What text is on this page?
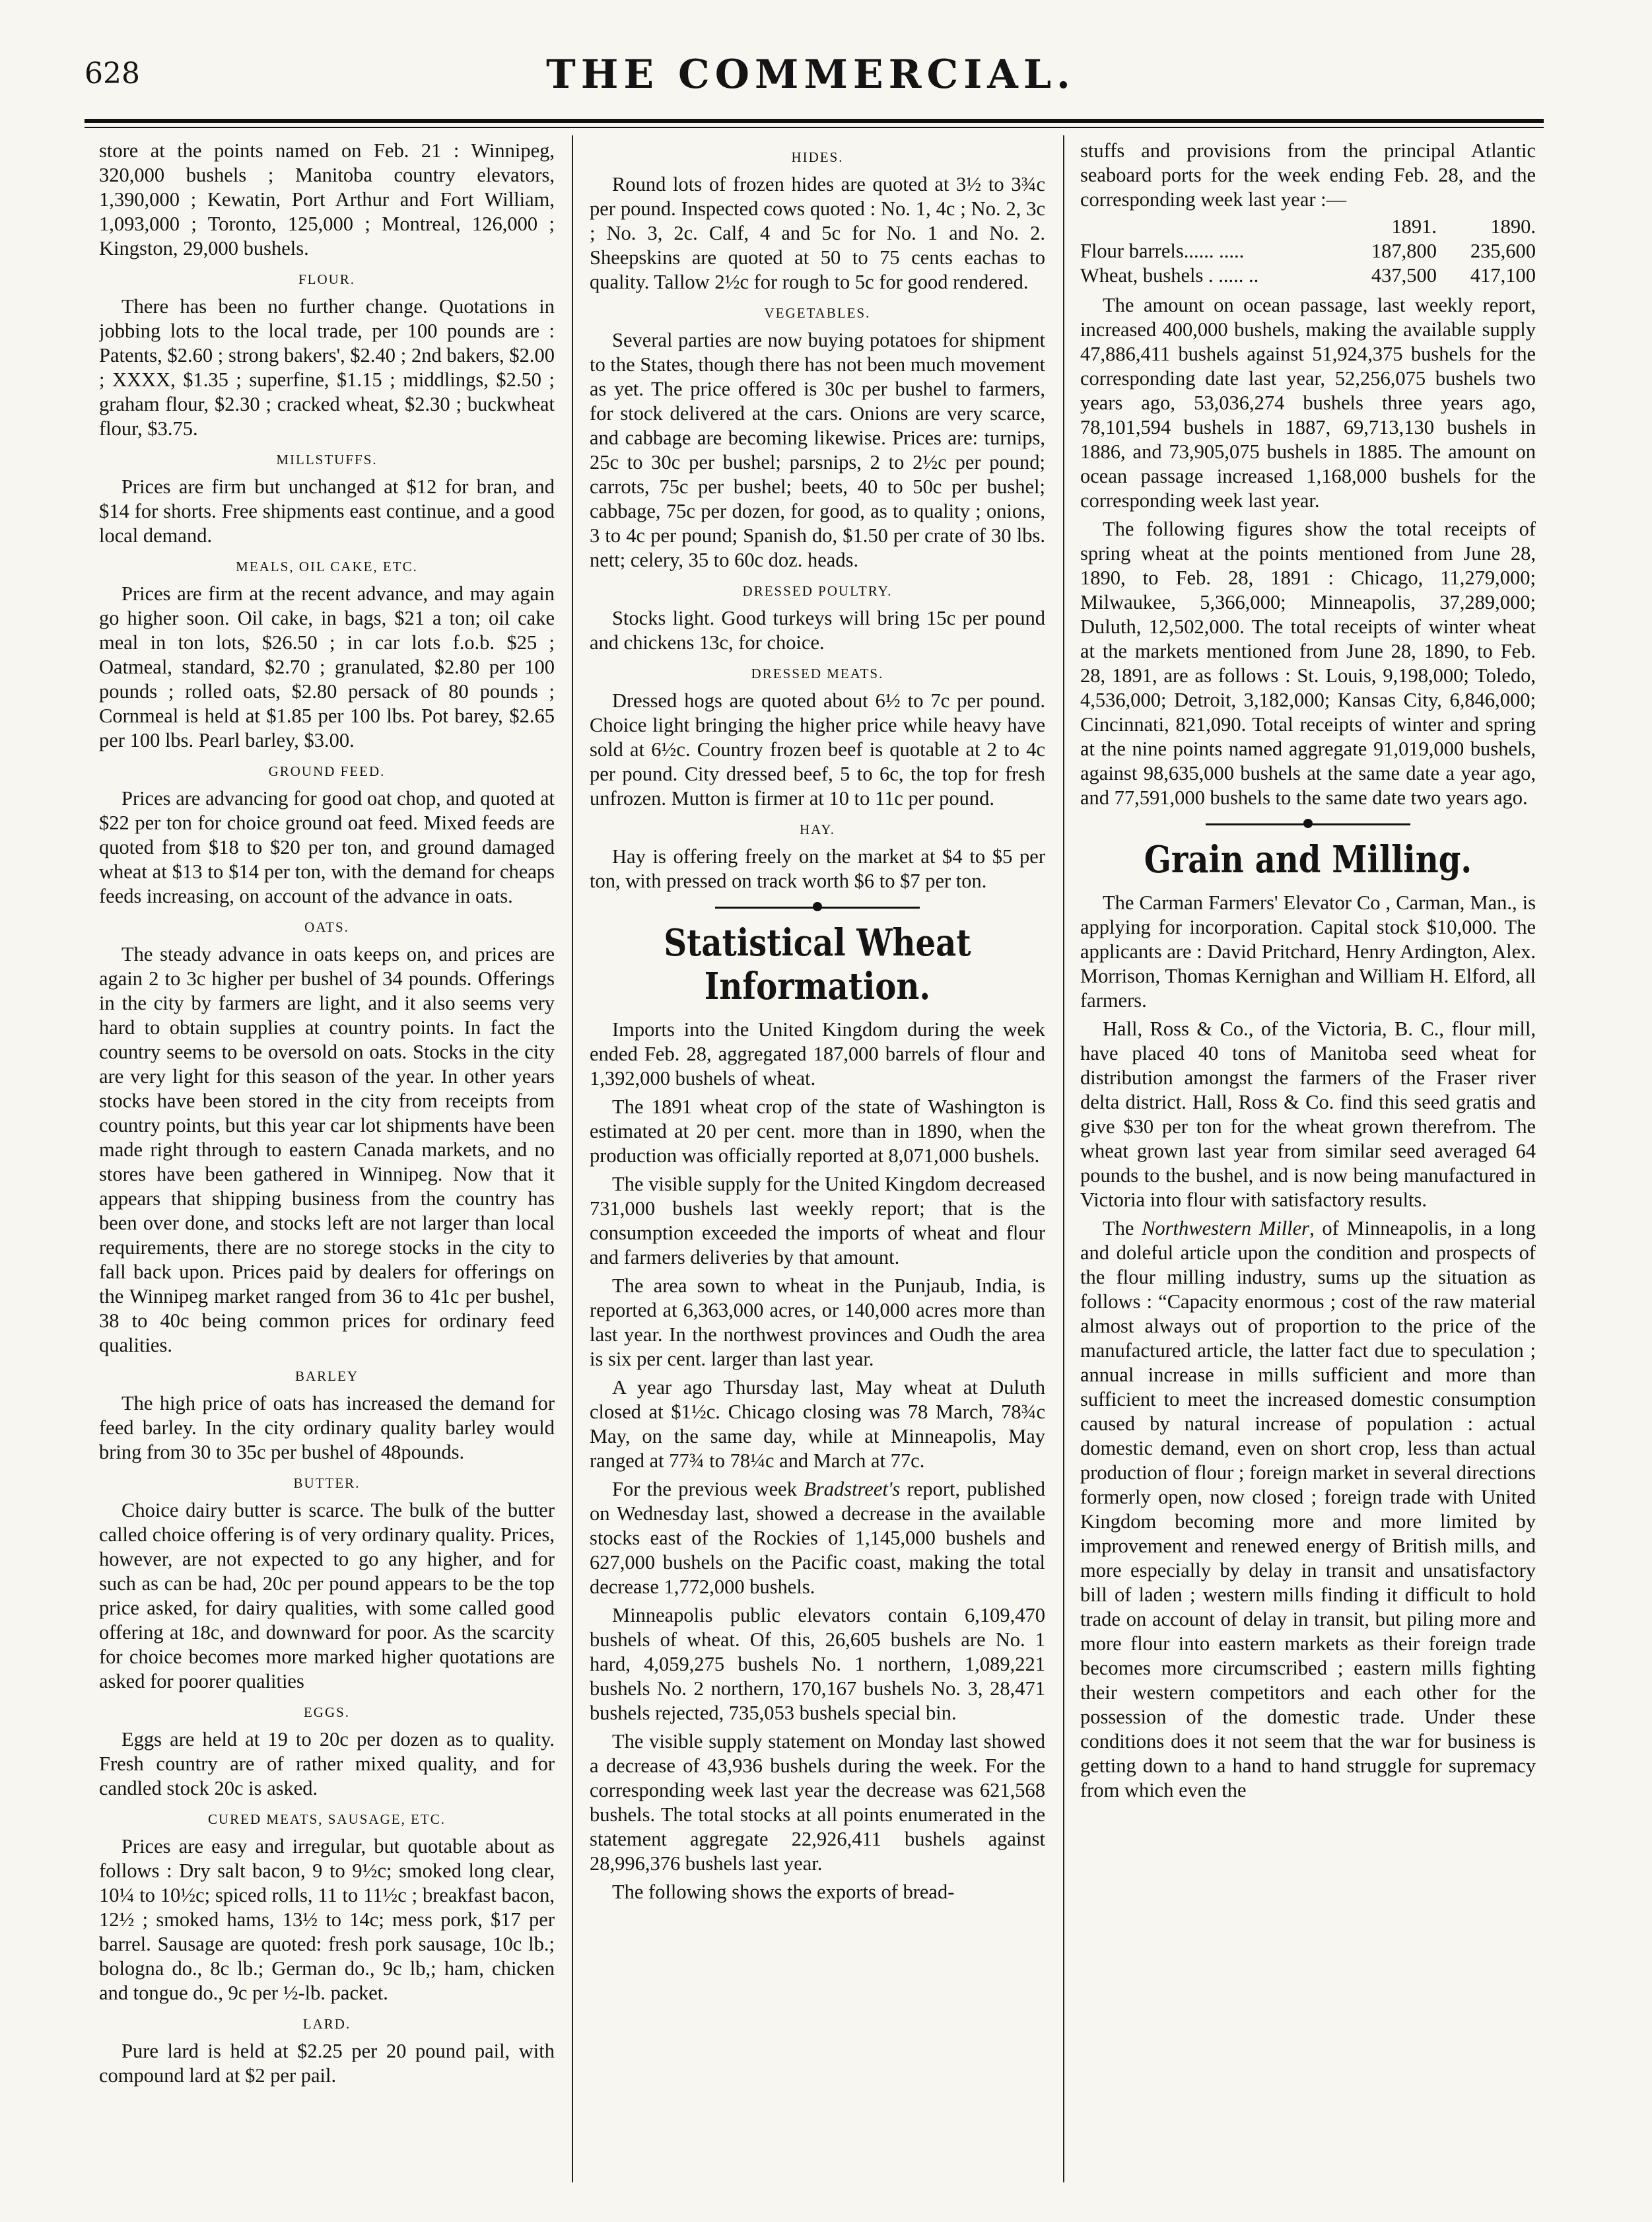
628	THE COMMERCIAL.

store at the points named on Feb. 21 : Winnipeg, 320,000 bushels ; Manitoba country elevators, 1,390,000 ; Kewatin, Port Arthur and Fort William, 1,093,000 ; Toronto, 125,000 ; Montreal, 126,000 ; Kingston, 29,000 bushels.

FLOUR.

There has been no further change. Quotations in jobbing lots to the local trade, per 100 pounds are : Patents, $2.60 ; strong bakers', $2.40 ; 2nd bakers, $2.00 ; XXXX, $1.35 ; superfine, $1.15 ; middlings, $2.50 ; graham flour, $2.30 ; cracked wheat, $2.30 ; buckwheat flour, $3.75.

MILLSTUFFS.

Prices are firm but unchanged at $12 for bran, and $14 for shorts. Free shipments east continue, and a good local demand.

MEALS, OIL CAKE, ETC.

Prices are firm at the recent advance, and may again go higher soon. Oil cake, in bags, $21 a ton; oil cake meal in ton lots, $26.50 ; in car lots f.o.b. $25 ; Oatmeal, standard, $2.70 ; granulated, $2.80 per 100 pounds ; rolled oats, $2.80 persack of 80 pounds ; Cornmeal is held at $1.85 per 100 lbs. Pot barey, $2.65 per 100 lbs. Pearl barley, $3.00.

GROUND FEED.

Prices are advancing for good oat chop, and quoted at $22 per ton for choice ground oat feed. Mixed feeds are quoted from $18 to $20 per ton, and ground damaged wheat at $13 to $14 per ton, with the demand for cheaps feeds increasing, on account of the advance in oats.

OATS.

The steady advance in oats keeps on, and prices are again 2 to 3c higher per bushel of 34 pounds. Offerings in the city by farmers are light, and it also seems very hard to obtain supplies at country points. In fact the country seems to be oversold on oats. Stocks in the city are very light for this season of the year. In other years stocks have been stored in the city from receipts from country points, but this year car lot shipments have been made right through to eastern Canada markets, and no stores have been gathered in Winnipeg. Now that it appears that shipping business from the country has been over done, and stocks left are not larger than local requirements, there are no storege stocks in the city to fall back upon. Prices paid by dealers for offerings on the Winnipeg market ranged from 36 to 41c per bushel, 38 to 40c being common prices for ordinary feed qualities.

BARLEY

The high price of oats has increased the demand for feed barley. In the city ordinary quality barley would bring from 30 to 35c per bushel of 48pounds.

BUTTER.

Choice dairy butter is scarce. The bulk of the butter called choice offering is of very ordinary quality. Prices, however, are not expected to go any higher, and for such as can be had, 20c per pound appears to be the top price asked, for dairy qualities, with some called good offering at 18c, and downward for poor. As the scarcity for choice becomes more marked higher quotations are asked for poorer qualities

EGGS.

Eggs are held at 19 to 20c per dozen as to quality. Fresh country are of rather mixed quality, and for candled stock 20c is asked.

CURED MEATS, SAUSAGE, ETC.

Prices are easy and irregular, but quotable about as follows : Dry salt bacon, 9 to 9½c; smoked long clear, 10¼ to 10½c; spiced rolls, 11 to 11½c ; breakfast bacon, 12½ ; smoked hams, 13½ to 14c; mess pork, $17 per barrel. Sausage are quoted: fresh pork sausage, 10c lb.; bologna do., 8c lb.; German do., 9c lb,; ham, chicken and tongue do., 9c per ½-lb. packet.

LARD.

Pure lard is held at $2.25 per 20 pound pail, with compound lard at $2 per pail.

HIDES.

Round lots of frozen hides are quoted at 3½ to 3¾c per pound. Inspected cows quoted : No. 1, 4c ; No. 2, 3c ; No. 3, 2c. Calf, 4 and 5c for No. 1 and No. 2. Sheepskins are quoted at 50 to 75 cents eachas to quality. Tallow 2½c for rough to 5c for good rendered.

VEGETABLES.

Several parties are now buying potatoes for shipment to the States, though there has not been much movement as yet. The price offered is 30c per bushel to farmers, for stock delivered at the cars. Onions are very scarce, and cabbage are becoming likewise. Prices are: turnips, 25c to 30c per bushel; parsnips, 2 to 2½c per pound; carrots, 75c per bushel; beets, 40 to 50c per bushel; cabbage, 75c per dozen, for good, as to quality ; onions, 3 to 4c per pound; Spanish do, $1.50 per crate of 30 lbs. nett; celery, 35 to 60c doz. heads.

DRESSED POULTRY.

Stocks light. Good turkeys will bring 15c per pound and chickens 13c, for choice.

DRESSED MEATS.

Dressed hogs are quoted about 6½ to 7c per pound. Choice light bringing the higher price while heavy have sold at 6½c. Country frozen beef is quotable at 2 to 4c per pound. City dressed beef, 5 to 6c, the top for fresh unfrozen. Mutton is firmer at 10 to 11c per pound.

HAY.

Hay is offering freely on the market at $4 to $5 per ton, with pressed on track worth $6 to $7 per ton.

Statistical Wheat Information.

Imports into the United Kingdom during the week ended Feb. 28, aggregated 187,000 barrels of flour and 1,392,000 bushels of wheat.

The 1891 wheat crop of the state of Washington is estimated at 20 per cent. more than in 1890, when the production was officially reported at 8,071,000 bushels.

The visible supply for the United Kingdom decreased 731,000 bushels last weekly report; that is the consumption exceeded the imports of wheat and flour and farmers deliveries by that amount.

The area sown to wheat in the Punjaub, India, is reported at 6,363,000 acres, or 140,000 acres more than last year. In the northwest provinces and Oudh the area is six per cent. larger than last year.

A year ago Thursday last, May wheat at Duluth closed at $1½c. Chicago closing was 78 March, 78¾c May, on the same day, while at Minneapolis, May ranged at 77¾ to 78¼c and March at 77c.

For the previous week Bradstreet's report, published on Wednesday last, showed a decrease in the available stocks east of the Rockies of 1,145,000 bushels and 627,000 bushels on the Pacific coast, making the total decrease 1,772,000 bushels.

Minneapolis public elevators contain 6,109,470 bushels of wheat. Of this, 26,605 bushels are No. 1 hard, 4,059,275 bushels No. 1 northern, 1,089,221 bushels No. 2 northern, 170,167 bushels No. 3, 28,471 bushels rejected, 735,053 bushels special bin.

The visible supply statement on Monday last showed a decrease of 43,936 bushels during the week. For the corresponding week last year the decrease was 621,568 bushels. The total stocks at all points enumerated in the statement aggregate 22,926,411 bushels against 28,996,376 bushels last year.

The following shows the exports of bread-

stuffs and provisions from the principal Atlantic seaboard ports for the week ending Feb. 28, and the corresponding week last year :—

	1891.	1890.
Flour barrels...... .....	187,800	235,600
Wheat, bushels . ..... ..	437,500	417,100

The amount on ocean passage, last weekly report, increased 400,000 bushels, making the available supply 47,886,411 bushels against 51,924,375 bushels for the corresponding date last year, 52,256,075 bushels two years ago, 53,036,274 bushels three years ago, 78,101,594 bushels in 1887, 69,713,130 bushels in 1886, and 73,905,075 bushels in 1885. The amount on ocean passage increased 1,168,000 bushels for the corresponding week last year.

The following figures show the total receipts of spring wheat at the points mentioned from June 28, 1890, to Feb. 28, 1891 : Chicago, 11,279,000; Milwaukee, 5,366,000; Minneapolis, 37,289,000; Duluth, 12,502,000. The total receipts of winter wheat at the markets mentioned from June 28, 1890, to Feb. 28, 1891, are as follows : St. Louis, 9,198,000; Toledo, 4,536,000; Detroit, 3,182,000; Kansas City, 6,846,000; Cincinnati, 821,090. Total receipts of winter and spring at the nine points named aggregate 91,019,000 bushels, against 98,635,000 bushels at the same date a year ago, and 77,591,000 bushels to the same date two years ago.

Grain and Milling.

The Carman Farmers' Elevator Co , Carman, Man., is applying for incorporation. Capital stock $10,000. The applicants are : David Pritchard, Henry Ardington, Alex. Morrison, Thomas Kernighan and William H. Elford, all farmers.

Hall, Ross & Co., of the Victoria, B. C., flour mill, have placed 40 tons of Manitoba seed wheat for distribution amongst the farmers of the Fraser river delta district. Hall, Ross & Co. find this seed gratis and give $30 per ton for the wheat grown therefrom. The wheat grown last year from similar seed averaged 64 pounds to the bushel, and is now being manufactured in Victoria into flour with satisfactory results.

The Northwestern Miller, of Minneapolis, in a long and doleful article upon the condition and prospects of the flour milling industry, sums up the situation as follows : “Capacity enormous ; cost of the raw material almost always out of proportion to the price of the manufactured article, the latter fact due to speculation ; annual increase in mills sufficient and more than sufficient to meet the increased domestic consumption caused by natural increase of population : actual domestic demand, even on short crop, less than actual production of flour ; foreign market in several directions formerly open, now closed ; foreign trade with United Kingdom becoming more and more limited by improvement and renewed energy of British mills, and more especially by delay in transit and unsatisfactory bill of laden ; western mills finding it difficult to hold trade on account of delay in transit, but piling more and more flour into eastern markets as their foreign trade becomes more circumscribed ; eastern mills fighting their western competitors and each other for the possession of the domestic trade. Under these conditions does it not seem that the war for business is getting down to a hand to hand struggle for supremacy from which even the
